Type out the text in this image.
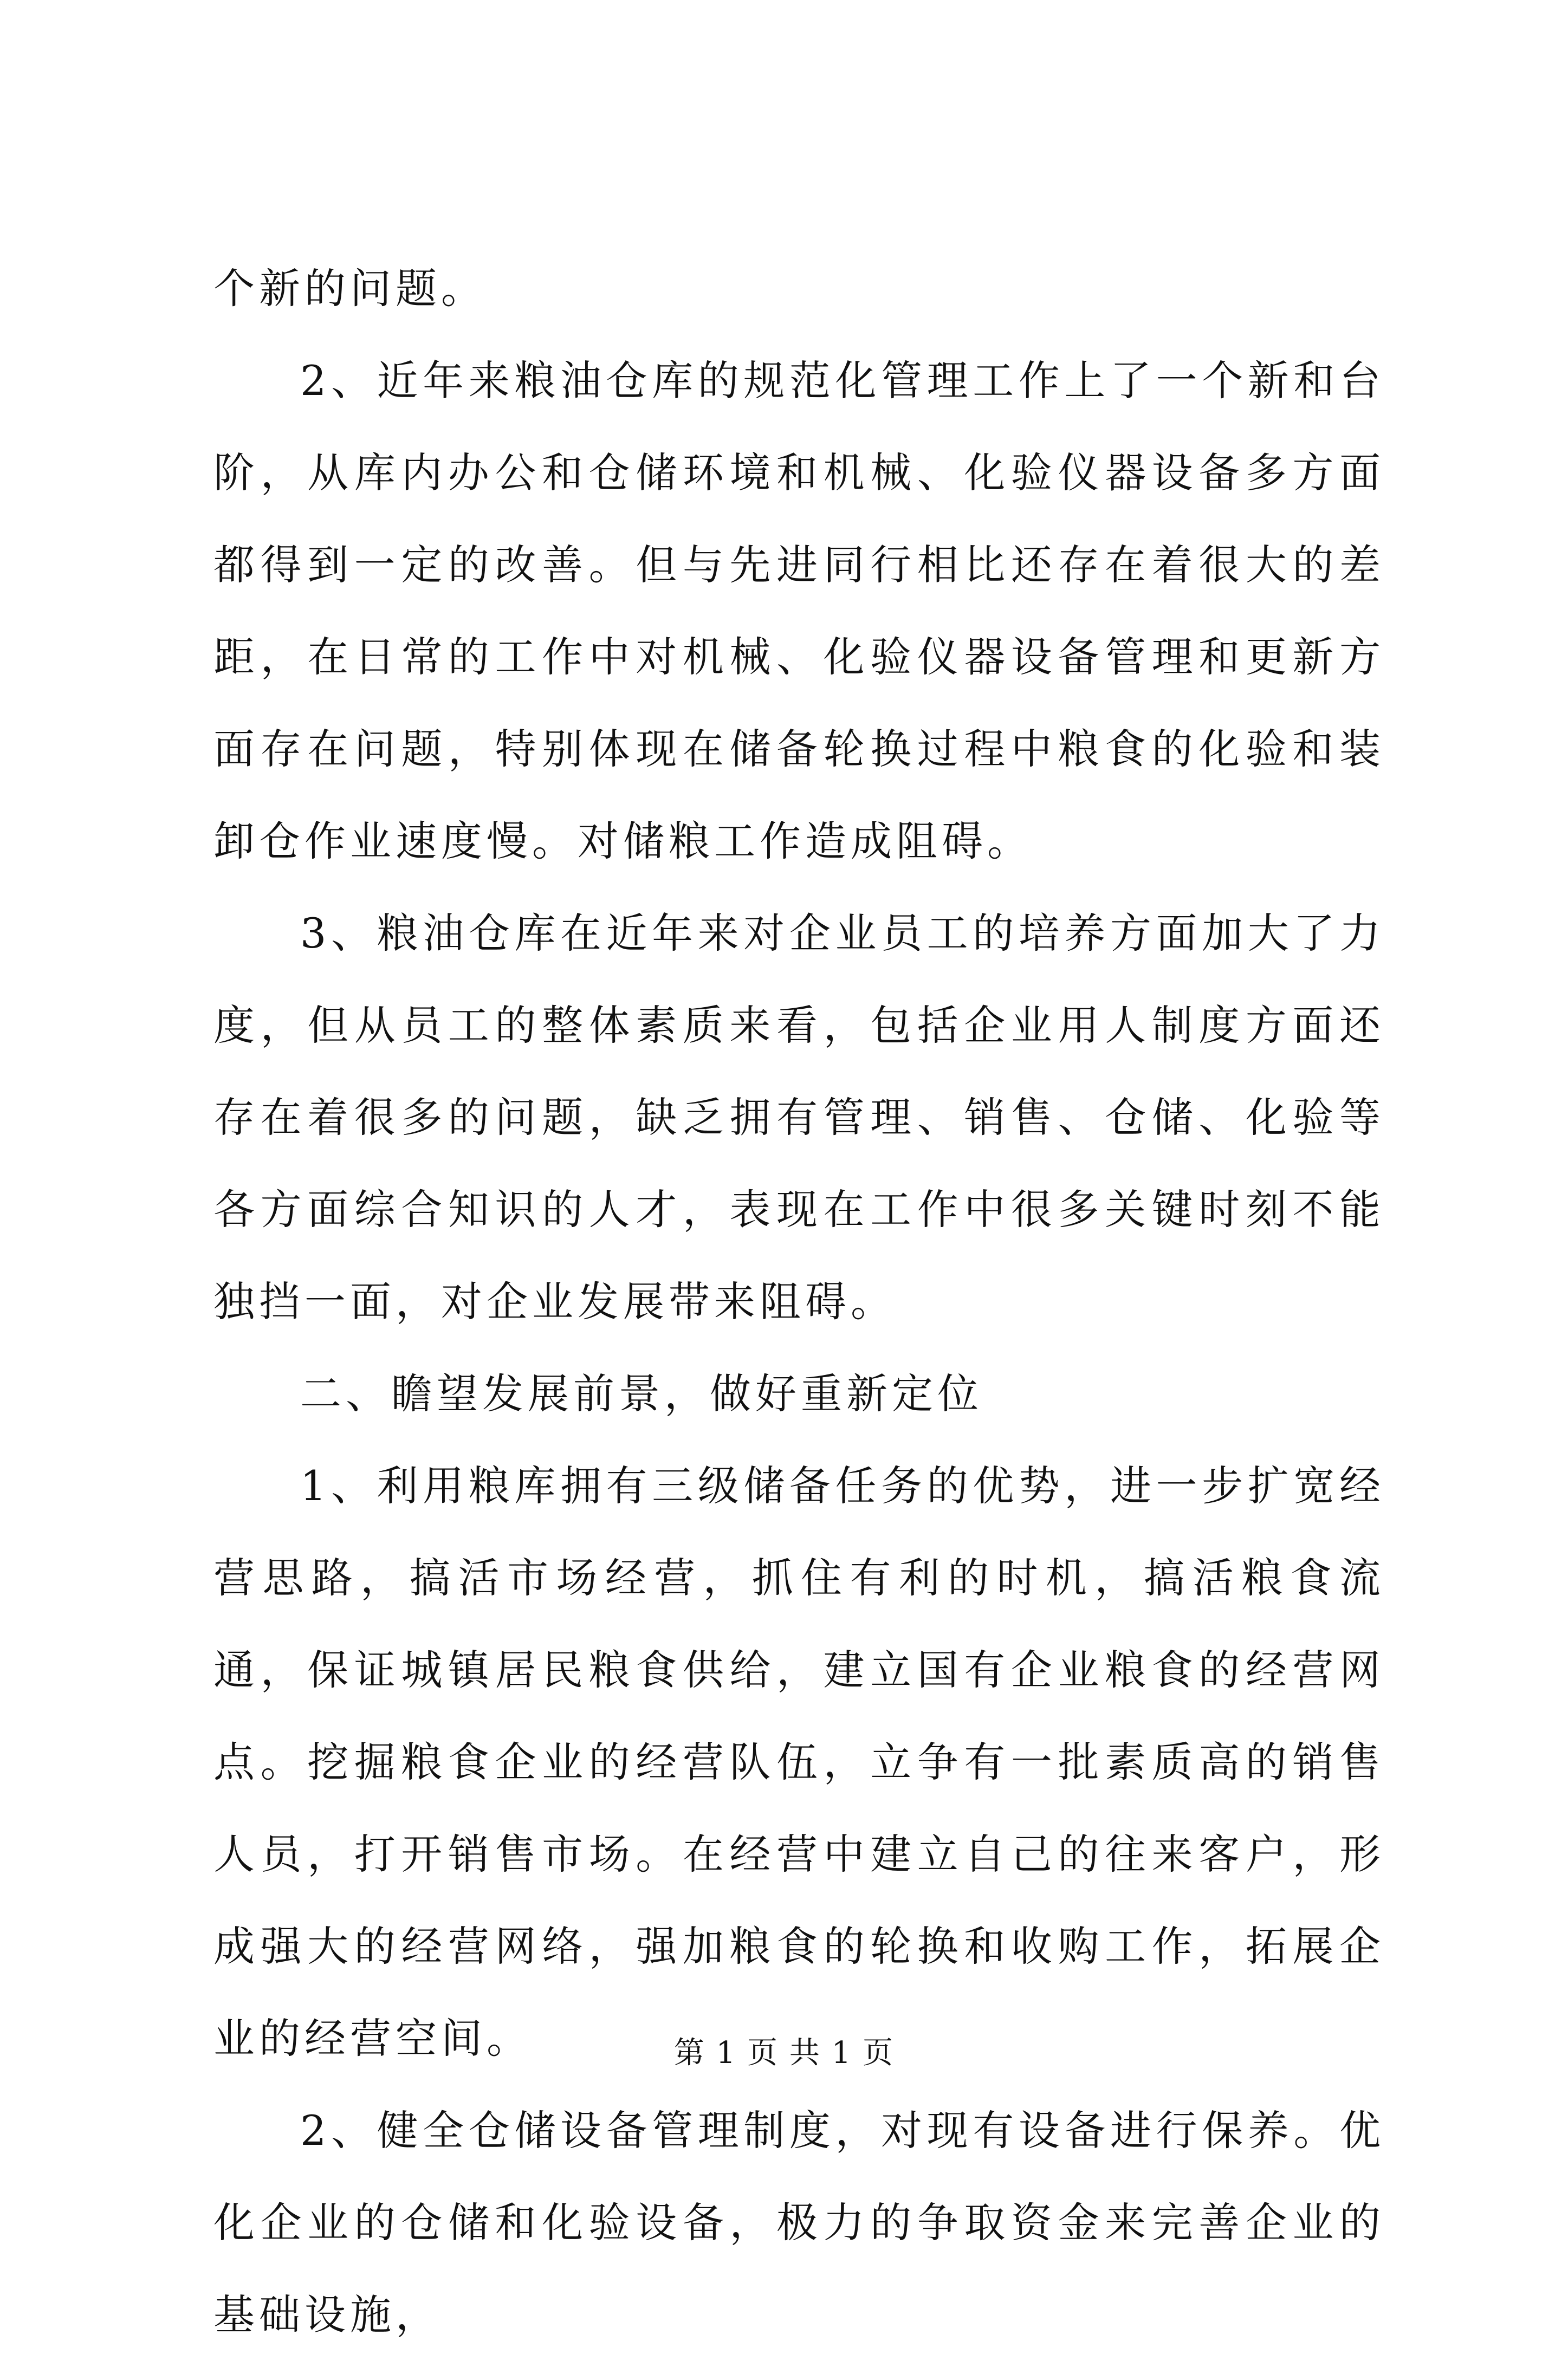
个新的问题。

2、近年来粮油仓库的规范化管理工作上了一个新和台阶，从库内办公和仓储环境和机械、化验仪器设备多方面都得到一定的改善。但与先进同行相比还存在着很大的差距，在日常的工作中对机械、化验仪器设备管理和更新方面存在问题，特别体现在储备轮换过程中粮食的化验和装卸仓作业速度慢。对储粮工作造成阻碍。

3、粮油仓库在近年来对企业员工的培养方面加大了力度，但从员工的整体素质来看，包括企业用人制度方面还存在着很多的问题，缺乏拥有管理、销售、仓储、化验等各方面综合知识的人才，表现在工作中很多关键时刻不能独挡一面，对企业发展带来阻碍。

二、瞻望发展前景，做好重新定位

1、利用粮库拥有三级储备任务的优势，进一步扩宽经营思路，搞活市场经营，抓住有利的时机，搞活粮食流通，保证城镇居民粮食供给，建立国有企业粮食的经营网点。挖掘粮食企业的经营队伍，立争有一批素质高的销售人员，打开销售市场。在经营中建立自己的往来客户，形成强大的经营网络，强加粮食的轮换和收购工作，拓展企业的经营空间。

2、健全仓储设备管理制度，对现有设备进行保养。优化企业的仓储和化验设备，极力的争取资金来完善企业的基础设施，

第 1 页 共 1 页
